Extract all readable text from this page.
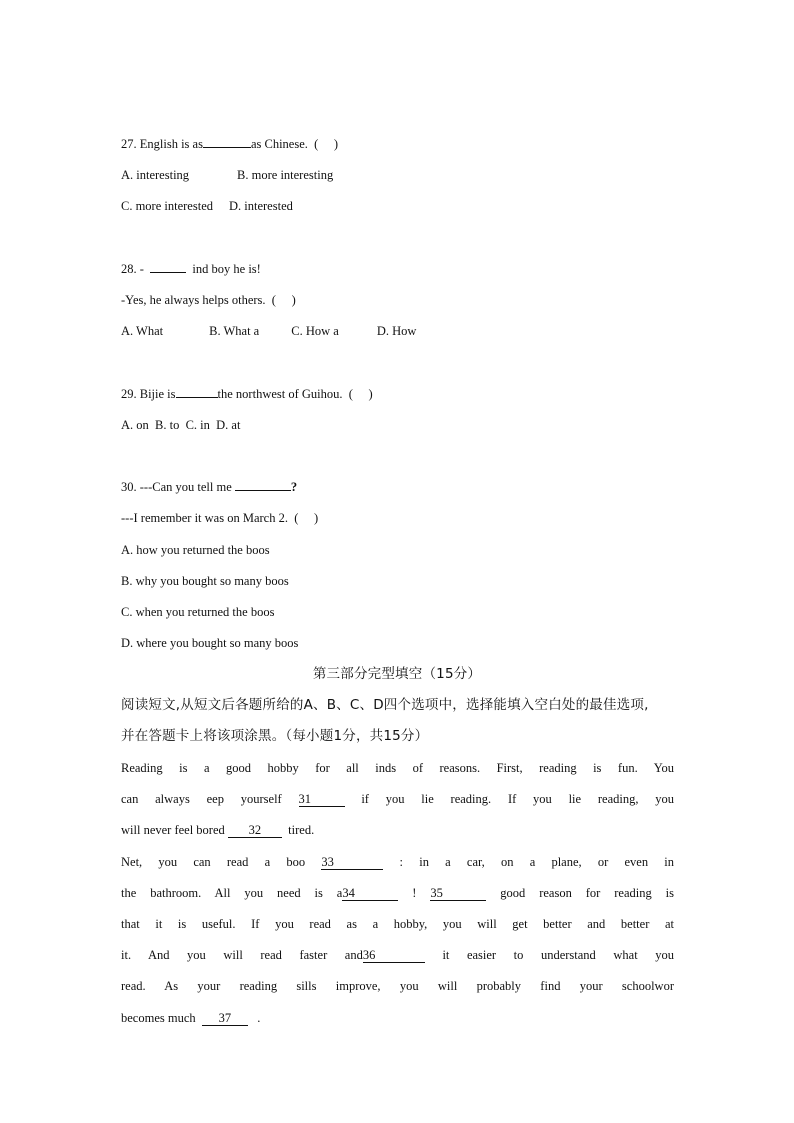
27. English is as	as Chinese.  (     )
A. interesting	B. more interesting
C. more interested D. interested
28. -	ind boy he is!
-Yes, he always helps others.  (     )
A. What	B. What a	C. How a	D. How
29. Bijie is	the northwest of Guihou.  (     )
A. on  B. to  C. in  D. at
30. ---Can you tell me	?
---I remember it was on March 2.  (     )
A. how you returned the boos
B. why you bought so many boos
C. when you returned the boos
D. where you bought so many boos
第三部分完型填空（15分）
阅读短文,从短文后各题所给的A、B、C、D四个选项中，选择能填入空白处的最佳选项,
并在答题卡上将该项涂黑。（每小题1分，共15分）
Reading is a good hobby for all inds of reasons. First, reading is fun. You
can always eep yourself 31	if you lie reading. If you lie reading, you
will never feel bored 32  tired.
Net, you can read a boo 33	: in a car, on a plane, or even in
the bathroom. All you need is a34	! 35	good reason for reading is
that it is useful. If you read as a hobby, you will get better and better at
it. And you will read faster and36	it easier to understand what you
read. As your reading sills improve, you will probably find your schoolwor
becomes much  37   .
